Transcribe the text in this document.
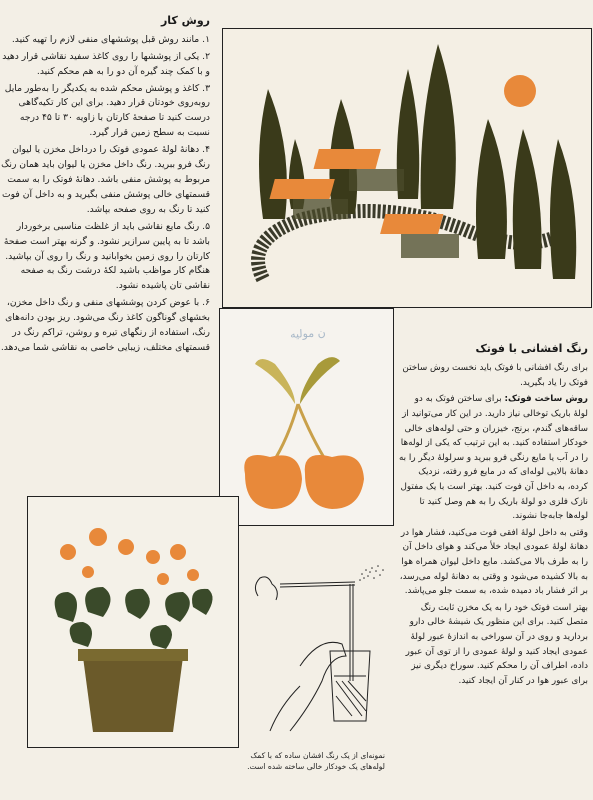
روش کار

۱. مانند روش قبل پوششهای منفی لازم را تهیه کنید.

۲. یکی از پوششها را روی کاغذ سفید نقاشی قرار دهید و با کمک چند گیره آن دو را به هم محکم کنید.

۳. کاغذ و پوشش محکم شده به یکدیگر را به‌طور مایل روبه‌روی خودتان قرار دهید. برای این کار تکیه‌گاهی درست کنید تا صفحهٔ کارتان با زاویه ۳۰ تا ۴۵ درجه نسبت به سطح زمین قرار گیرد.

۴. دهانهٔ لولهٔ عمودی فوتک را درداخل مخزن یا لیوان رنگ فرو ببرید. رنگ داخل مخزن یا لیوان باید همان رنگ مربوط به پوشش منفی باشد. دهانهٔ فوتک را به سمت قسمتهای خالی پوشش منفی بگیرید و به داخل آن فوت کنید تا رنگ به روی صفحه بپاشد.

۵. رنگ مایع نقاشی باید از غلظت مناسبی برخوردار باشد تا به پایین سرازیر نشود. و گرنه بهتر است صفحهٔ کارتان را روی زمین بخوابانید و رنگ را روی آن بپاشید. هنگام کار مواظب باشید لکهٔ درشت رنگ به صفحه نقاشی تان پاشیده نشود.

۶. با عوض کردن پوششهای منفی و رنگ داخل مخزن، بخشهای گوناگون کاغذ رنگ می‌شود. ریز بودن دانه‌های رنگ، استفاده از رنگهای تیره و روشن، تراکم رنگ در قسمتهای مختلف، زیبایی خاصی به نقاشی شما می‌دهد.

ن مولیه

رنگ افشانی با فوتک

برای رنگ افشانی با فوتک باید نخست روش ساختن فوتک را یاد بگیرید.

روش ساخت فوتک: برای ساختن فوتک به دو لولهٔ باریک توخالی نیاز دارید. در این کار می‌توانید از ساقه‌های گندم، برنج، خیزران و حتی لوله‌های خالی خودکار استفاده کنید. به این ترتیب که یکی از لوله‌ها را در آب یا مایع رنگی فرو ببرید و سرلولهٔ دیگر را به دهانهٔ بالایی لوله‌ای که در مایع فرو رفته، نزدیک کرده، به داخل آن فوت کنید. بهتر است با یک مفتول نازک فلزی دو لولهٔ باریک را به هم وصل کنید تا لوله‌ها جابه‌جا نشوند.

وقتی به داخل لولهٔ افقی فوت می‌کنید، فشار هوا در دهانهٔ لولهٔ عمودی ایجاد خلأ می‌کند و هوای داخل آن را به طرف بالا می‌کشد. مایع داخل لیوان همراه هوا به بالا کشیده می‌شود و وقتی به دهانهٔ لوله می‌رسد، بر اثر فشار باد دمیده شده، به سمت جلو می‌پاشد.

بهتر است فوتک خود را به یک مخزن ثابت رنگ متصل کنید. برای این منظور یک شیشهٔ خالی دارو بردارید و روی در آن سوراخی به اندازهٔ عبور لولهٔ عمودی ایجاد کنید و لولهٔ عمودی را از توی آن عبور داده، اطراف آن را محکم کنید. سوراخ دیگری نیز برای عبور هوا در کنار آن ایجاد کنید.

نمونه‌ای از یک رنگ افشان ساده که با کمک لوله‌های یک خودکار خالی ساخته شده است.
